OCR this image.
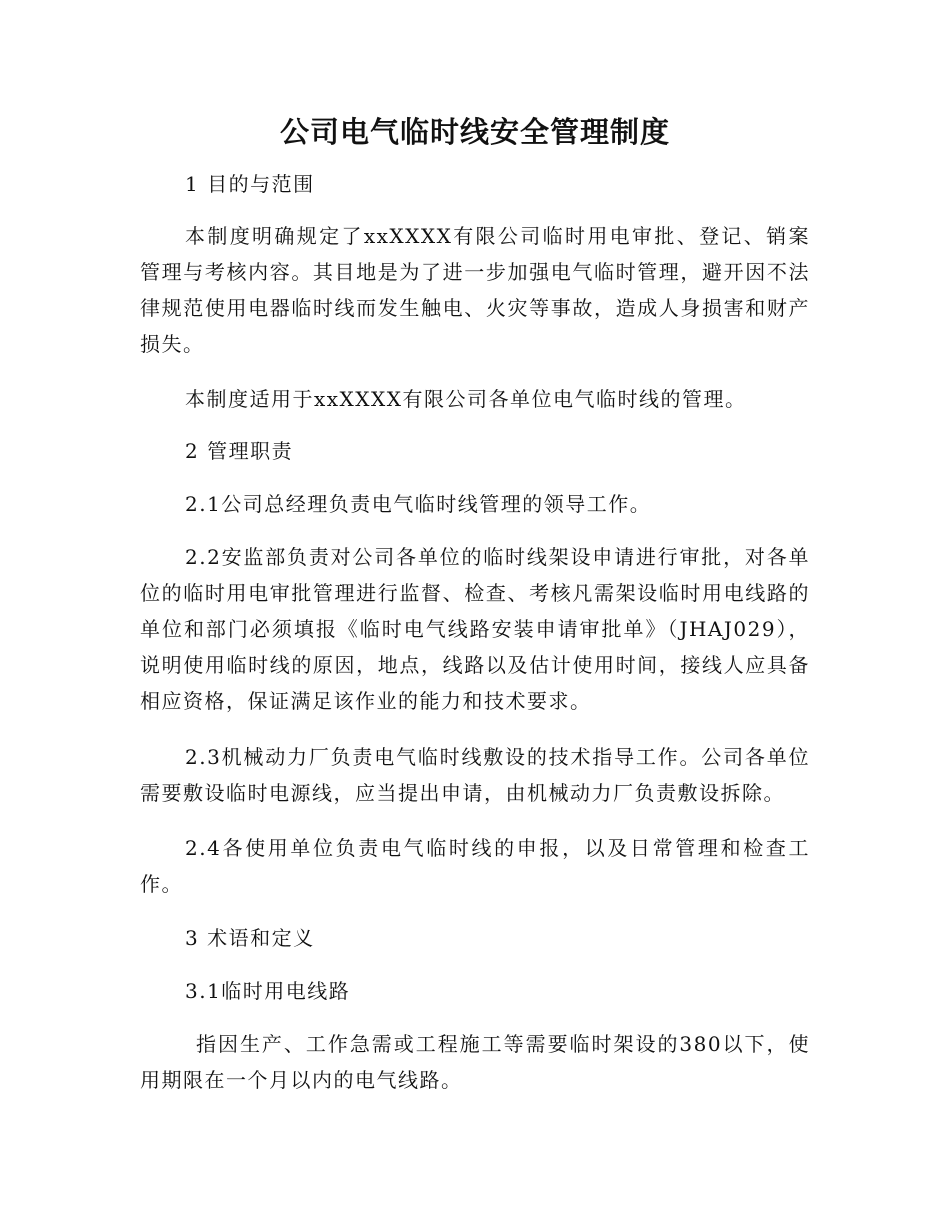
公司电气临时线安全管理制度

1 目的与范围

本制度明确规定了xxXXXX有限公司临时用电审批、登记、销案管理与考核内容。其目地是为了进一步加强电气临时管理，避开因不法律规范使用电器临时线而发生触电、火灾等事故，造成人身损害和财产损失。

本制度适用于xxXXXX有限公司各单位电气临时线的管理。

2 管理职责

2.1公司总经理负责电气临时线管理的领导工作。

2.2安监部负责对公司各单位的临时线架设申请进行审批，对各单位的临时用电审批管理进行监督、检查、考核凡需架设临时用电线路的单位和部门必须填报《临时电气线路安装申请审批单》（JHAJ029），说明使用临时线的原因，地点，线路以及估计使用时间，接线人应具备相应资格，保证满足该作业的能力和技术要求。

2.3机械动力厂负责电气临时线敷设的技术指导工作。公司各单位需要敷设临时电源线，应当提出申请，由机械动力厂负责敷设拆除。

2.4各使用单位负责电气临时线的申报，以及日常管理和检查工作。

3 术语和定义

3.1临时用电线路

指因生产、工作急需或工程施工等需要临时架设的380以下，使用期限在一个月以内的电气线路。
